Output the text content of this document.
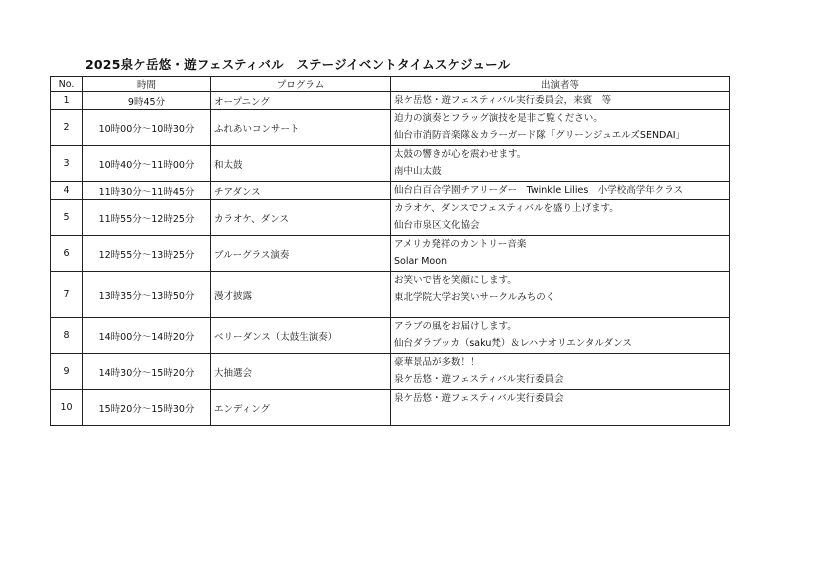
2025泉ケ岳悠・遊フェスティバル　ステージイベントタイムスケジュール
No.	時間	プログラム	出演者等
1	9時45分	オープニング	泉ケ岳悠・遊フェスティバル実行委員会，来賓　等

2	10時00分～10時30分	ふれあいコンサート	迫力の演奏とフラッグ演技を是非ご覧ください。
仙台市消防音楽隊＆カラーガード隊「グリーンジュエルズSENDAI」

3	10時40分～11時00分	和太鼓	太鼓の響きが心を震わせます。
南中山太鼓

4	11時30分～11時45分	チアダンス	仙台白百合学園チアリーダー　Twinkle Lilies　小学校高学年クラス

5	11時55分～12時25分	カラオケ、ダンス	カラオケ、ダンスでフェスティバルを盛り上げます。
仙台市泉区文化協会

6	12時55分～13時25分	ブルーグラス演奏	アメリカ発祥のカントリー音楽
Solar Moon

7	13時35分～13時50分	漫才披露	お笑いで皆を笑顔にします。
東北学院大学お笑いサークルみちのく

8	14時00分～14時20分	ベリーダンス（太鼓生演奏）	アラブの風をお届けします。
仙台ダラブッカ（saku梵）＆レハナオリエンタルダンス

9	14時30分～15時20分	大抽選会	豪華景品が多数！！
泉ケ岳悠・遊フェスティバル実行委員会

10	15時20分～15時30分	エンディング	泉ケ岳悠・遊フェスティバル実行委員会
